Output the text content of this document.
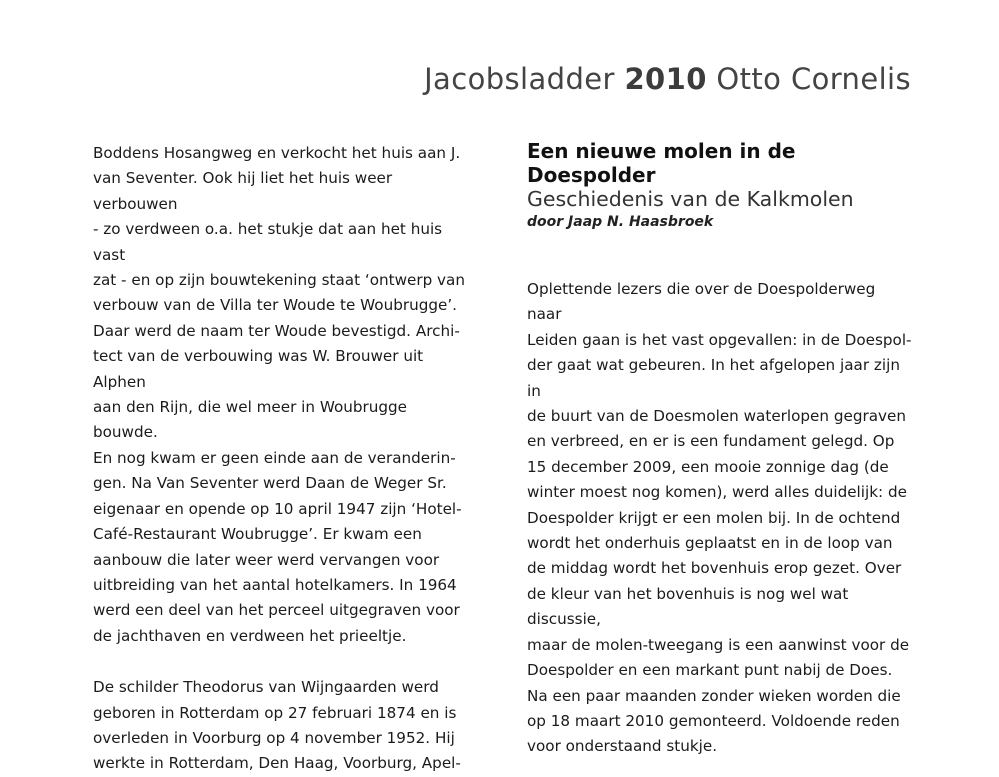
Jacobsladder 2010 Otto Cornelis

Boddens Hosangweg en verkocht het huis aan J.
van Seventer. Ook hij liet het huis weer verbouwen
- zo verdween o.a. het stukje dat aan het huis vast
zat - en op zijn bouwtekening staat ‘ontwerp van
verbouw van de Villa ter Woude te Woubrugge’.
Daar werd de naam ter Woude bevestigd. Archi-
tect van de verbouwing was W. Brouwer uit Alphen
aan den Rijn, die wel meer in Woubrugge bouwde.
En nog kwam er geen einde aan de veranderin-
gen. Na Van Seventer werd Daan de Weger Sr.
eigenaar en opende op 10 april 1947 zijn ‘Hotel-
Café-Restaurant Woubrugge’. Er kwam een
aanbouw die later weer werd vervangen voor
uitbreiding van het aantal hotelkamers. In 1964
werd een deel van het perceel uitgegraven voor
de jachthaven en verdween het prieeltje.

De schilder Theodorus van Wijngaarden werd
geboren in Rotterdam op 27 februari 1874 en is
overleden in Voorburg op 4 november 1952. Hij
werkte in Rotterdam, Den Haag, Voorburg, Apel-

Een nieuwe molen in de
Doespolder

Geschiedenis van de Kalkmolen

door Jaap N. Haasbroek

Oplettende lezers die over de Doespolderweg naar
Leiden gaan is het vast opgevallen: in de Doespol-
der gaat wat gebeuren. In het afgelopen jaar zijn in
de buurt van de Doesmolen waterlopen gegraven
en verbreed, en er is een fundament gelegd. Op
15 december 2009, een mooie zonnige dag (de
winter moest nog komen), werd alles duidelijk: de
Doespolder krijgt er een molen bij. In de ochtend
wordt het onderhuis geplaatst en in de loop van
de middag wordt het bovenhuis erop gezet. Over
de kleur van het bovenhuis is nog wel wat discussie,
maar de molen-tweegang is een aanwinst voor de
Doespolder en een markant punt nabij de Does.
Na een paar maanden zonder wieken worden die
op 18 maart 2010 gemonteerd. Voldoende reden
voor onderstaand stukje.
